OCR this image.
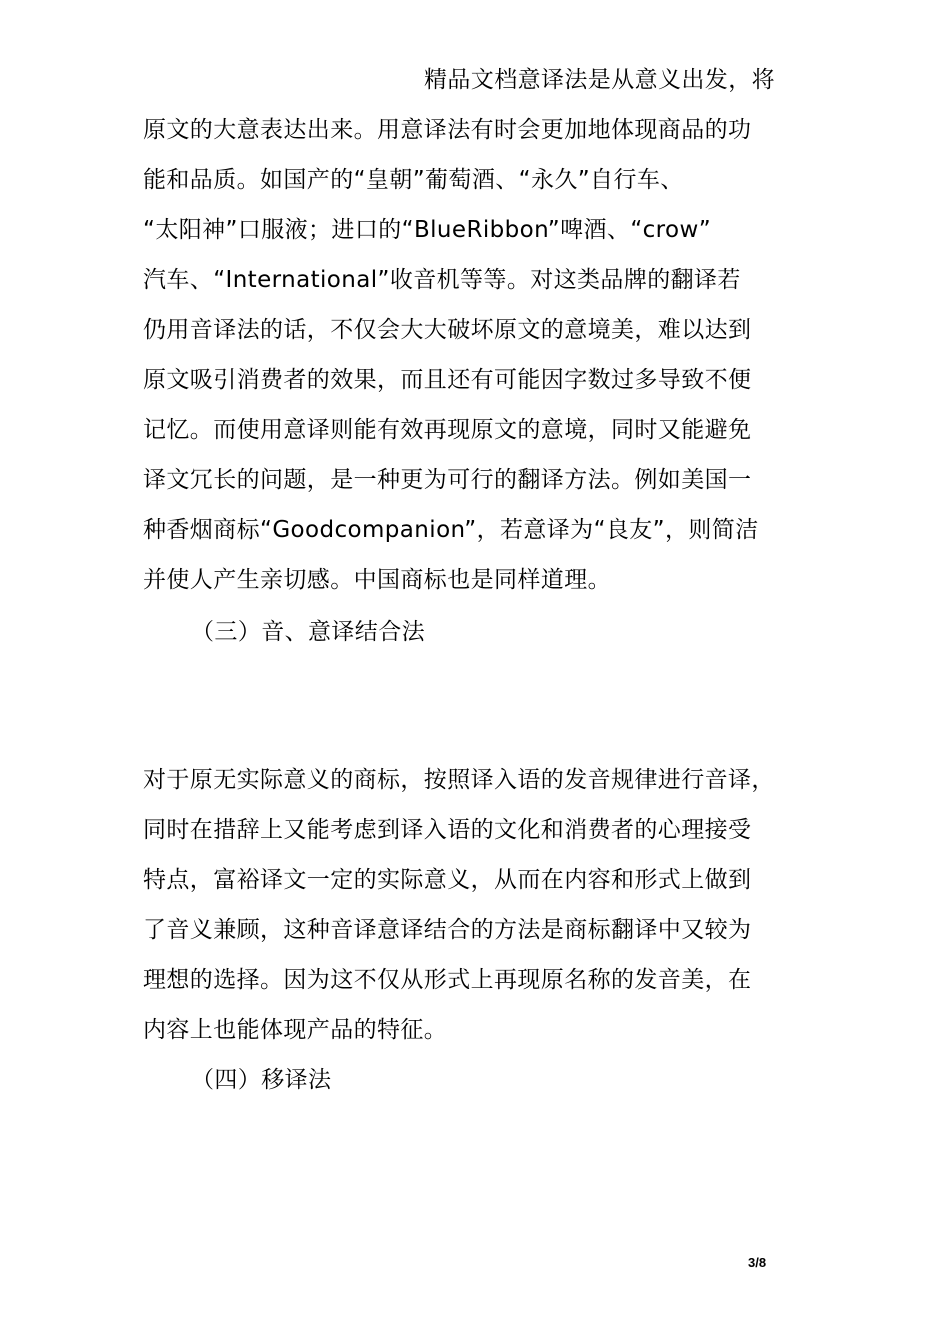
精品文档意译法是从意义出发，将
原文的大意表达出来。用意译法有时会更加地体现商品的功
能和品质。如国产的“皇朝”葡萄酒、“永久”自行车、
“太阳神”口服液；进口的“BlueRibbon”啤酒、“crow”
汽车、“International”收音机等等。对这类品牌的翻译若
仍用音译法的话，不仅会大大破坏原文的意境美，难以达到
原文吸引消费者的效果，而且还有可能因字数过多导致不便
记忆。而使用意译则能有效再现原文的意境，同时又能避免
译文冗长的问题，是一种更为可行的翻译方法。例如美国一
种香烟商标“Goodcompanion”，若意译为“良友”，则简洁
并使人产生亲切感。中国商标也是同样道理。
（三）音、意译结合法
对于原无实际意义的商标，按照译入语的发音规律进行音译，
同时在措辞上又能考虑到译入语的文化和消费者的心理接受
特点，富裕译文一定的实际意义，从而在内容和形式上做到
了音义兼顾，这种音译意译结合的方法是商标翻译中又较为
理想的选择。因为这不仅从形式上再现原名称的发音美，在
内容上也能体现产品的特征。
（四）移译法
3/8
